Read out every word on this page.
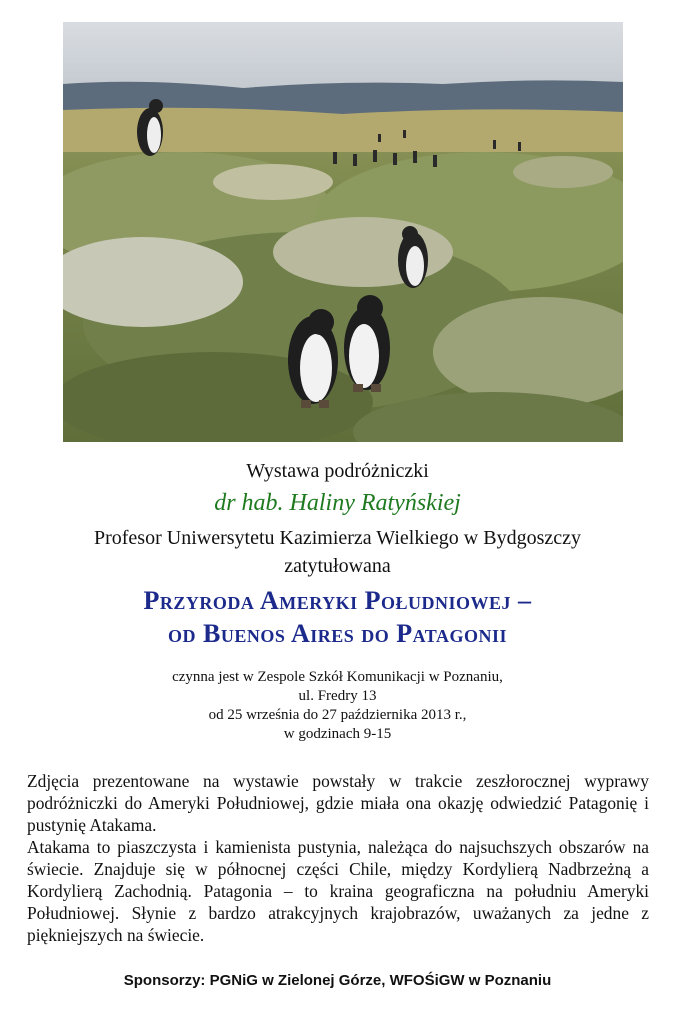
Wystawa podróżniczki
dr hab. Haliny Ratyńskiej
Profesor Uniwersytetu Kazimierza Wielkiego w Bydgoszczy
zatytułowana
Przyroda Ameryki Południowej –
od Buenos Aires do Patagonii
czynna jest w Zespole Szkół Komunikacji w Poznaniu,
ul. Fredry 13
od 25 września do 27 października 2013 r.,
w godzinach 9-15

Zdjęcia prezentowane na wystawie powstały w trakcie zeszłorocznej wyprawy podróżniczki do Ameryki Południowej, gdzie miała ona okazję odwiedzić Patagonię i pustynię Atakama.

Atakama to piaszczysta i kamienista pustynia, należąca do najsuchszych obszarów na świecie. Znajduje się w północnej części Chile, między Kordylierą Nadbrzeżną a Kordylierą Zachodnią. Patagonia – to kraina geograficzna na południu Ameryki Południowej. Słynie z bardzo atrakcyjnych krajobrazów, uważanych za jedne z piękniejszych na świecie.

Sponsorzy: PGNiG w Zielonej Górze, WFOŚiGW w Poznaniu
